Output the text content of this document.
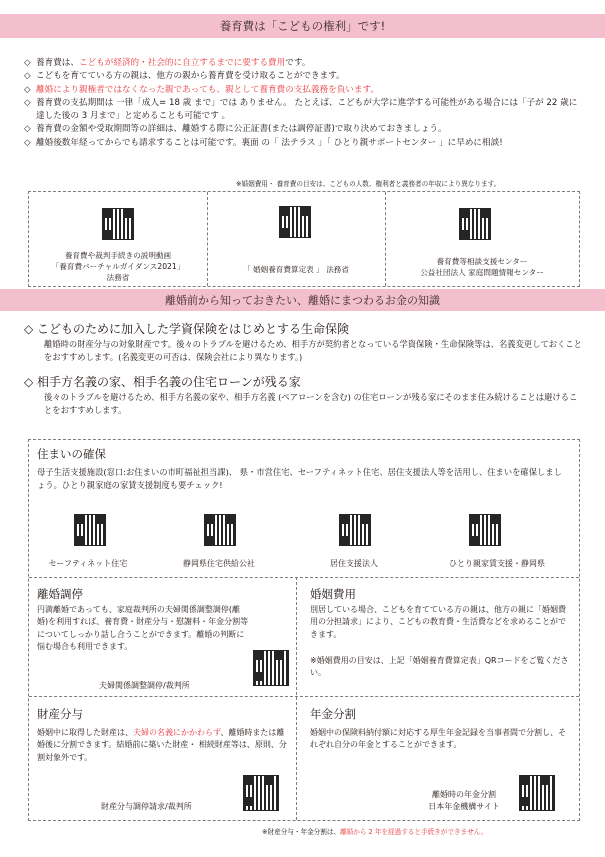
養育費は「こどもの権利」です!
◇ 養育費は、こどもが経済的・社会的に自立するまでに要する費用です。
◇ こどもを育てている方の親は、他方の親から養育費を受け取ることができます。
◇ 離婚により親権者ではなくなった親であっても、親として養育費の支払義務を負います。
◇ 養育費の支払期間は 一律「成人= 18 歳 まで」では ありません。 たとえば、こどもが大学に進学する可能性がある場合には「子が 22 歳に達した後の 3 月まで」と定めることも可能です 。
◇ 養育費の金額や受取期間等の詳細は、離婚する際に公正証書(または調停証書)で取り決めておきましょう。
◇ 離婚後数年経ってからでも請求することは可能です。裏面 の「 法テラス 」「 ひとり親サポートセンター 」に早めに相談!
※婚姻費用・ 養育費の目安は、こどもの人数、権利者と義務者の年収により異なります。
養育費や裁判手続きの説明動画
「養育費バーチャルガイダンス2021」
法務省
「 婚姻養育費算定表 」 法務省
養育費等相談支援センター
公益社団法人 家庭問題情報センター
離婚前から知っておきたい、離婚にまつわるお金の知識
◇ こどものために加入した学資保険をはじめとする生命保険
離婚時の財産分与の対象財産です。後々のトラブルを避けるため、相手方が契約者となっている学資保険・生命保険等は、名義変更しておくことをおすすめします。(名義変更の可否は、保険会社により異なります。)
◇ 相手方名義の家、相手名義の住宅ローンが残る家
後々のトラブルを避けるため、相手方名義の家や、相手方名義 (ペアローンを含む) の住宅ローンが残る家にそのまま住み続けることは避けることをおすすめします。
住まいの確保
母子生活支援施設(窓口:お住まいの市町福祉担当課)、 県・市営住宅、セーフティネット住宅、居住支援法人等を活用し、住まいを確保しましょう。ひとり親家庭の家賃支援制度も要チェック!
セーフティネット住宅	静岡県住宅供給公社	居住支援法人	ひとり親家賃支援・静岡県
離婚調停
円満離婚であっても、家庭裁判所の夫婦関係調整調停(離婚)を利用すれば、養育費・財産分与・慰謝料・年金分割等についてしっかり話し合うことができます。離婚の判断に悩む場合も利用できます。
夫婦関係調整調停/裁判所
婚姻費用
別居している場合、こどもを育てている方の親は、他方の親に「婚姻費用の分担請求」により、こどもの教育費・生活費などを求めることができます。
※婚姻費用の目安は、上記「婚姻養育費算定表」QRコードをご覧ください。
財産分与
婚姻中に取得した財産は、夫婦の名義にかかわらず、離婚時または離婚後に分割できます。結婚前に築いた財産・ 相続財産等は、原則、分割対象外です。
財産分与調停請求/裁判所
年金分割
婚姻中の保険料納付額に対応する厚生年金記録を当事者間で分割し、それぞれ自分の年金とすることができます。
離婚時の年金分割
日本年金機構サイト
※財産分与・年金分割は、離婚から 2 年を経過すると手続きができません。
